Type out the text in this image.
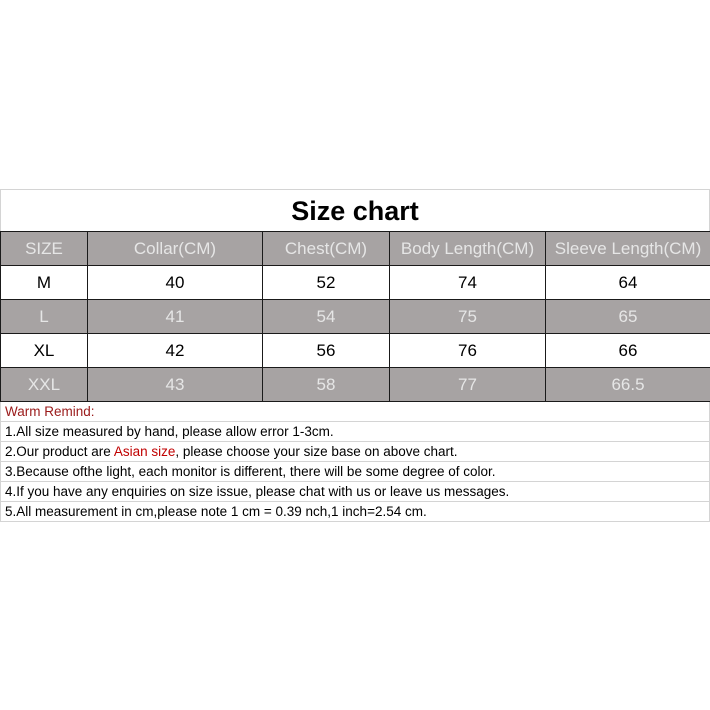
Size chart
SIZE	Collar(CM)	Chest(CM)	Body Length(CM)	Sleeve Length(CM)
M	40	52	74	64
L	41	54	75	65
XL	42	56	76	66
XXL	43	58	77	66.5
Warm Remind:
1.All size measured by hand, please allow error 1-3cm.
2.Our product are Asian size, please choose your size base on above chart.
3.Because ofthe light, each monitor is different, there will be some degree of color.
4.If you have any enquiries on size issue, please chat with us or leave us messages.
5.All measurement in cm,please note 1 cm = 0.39 nch,1 inch=2.54 cm.
